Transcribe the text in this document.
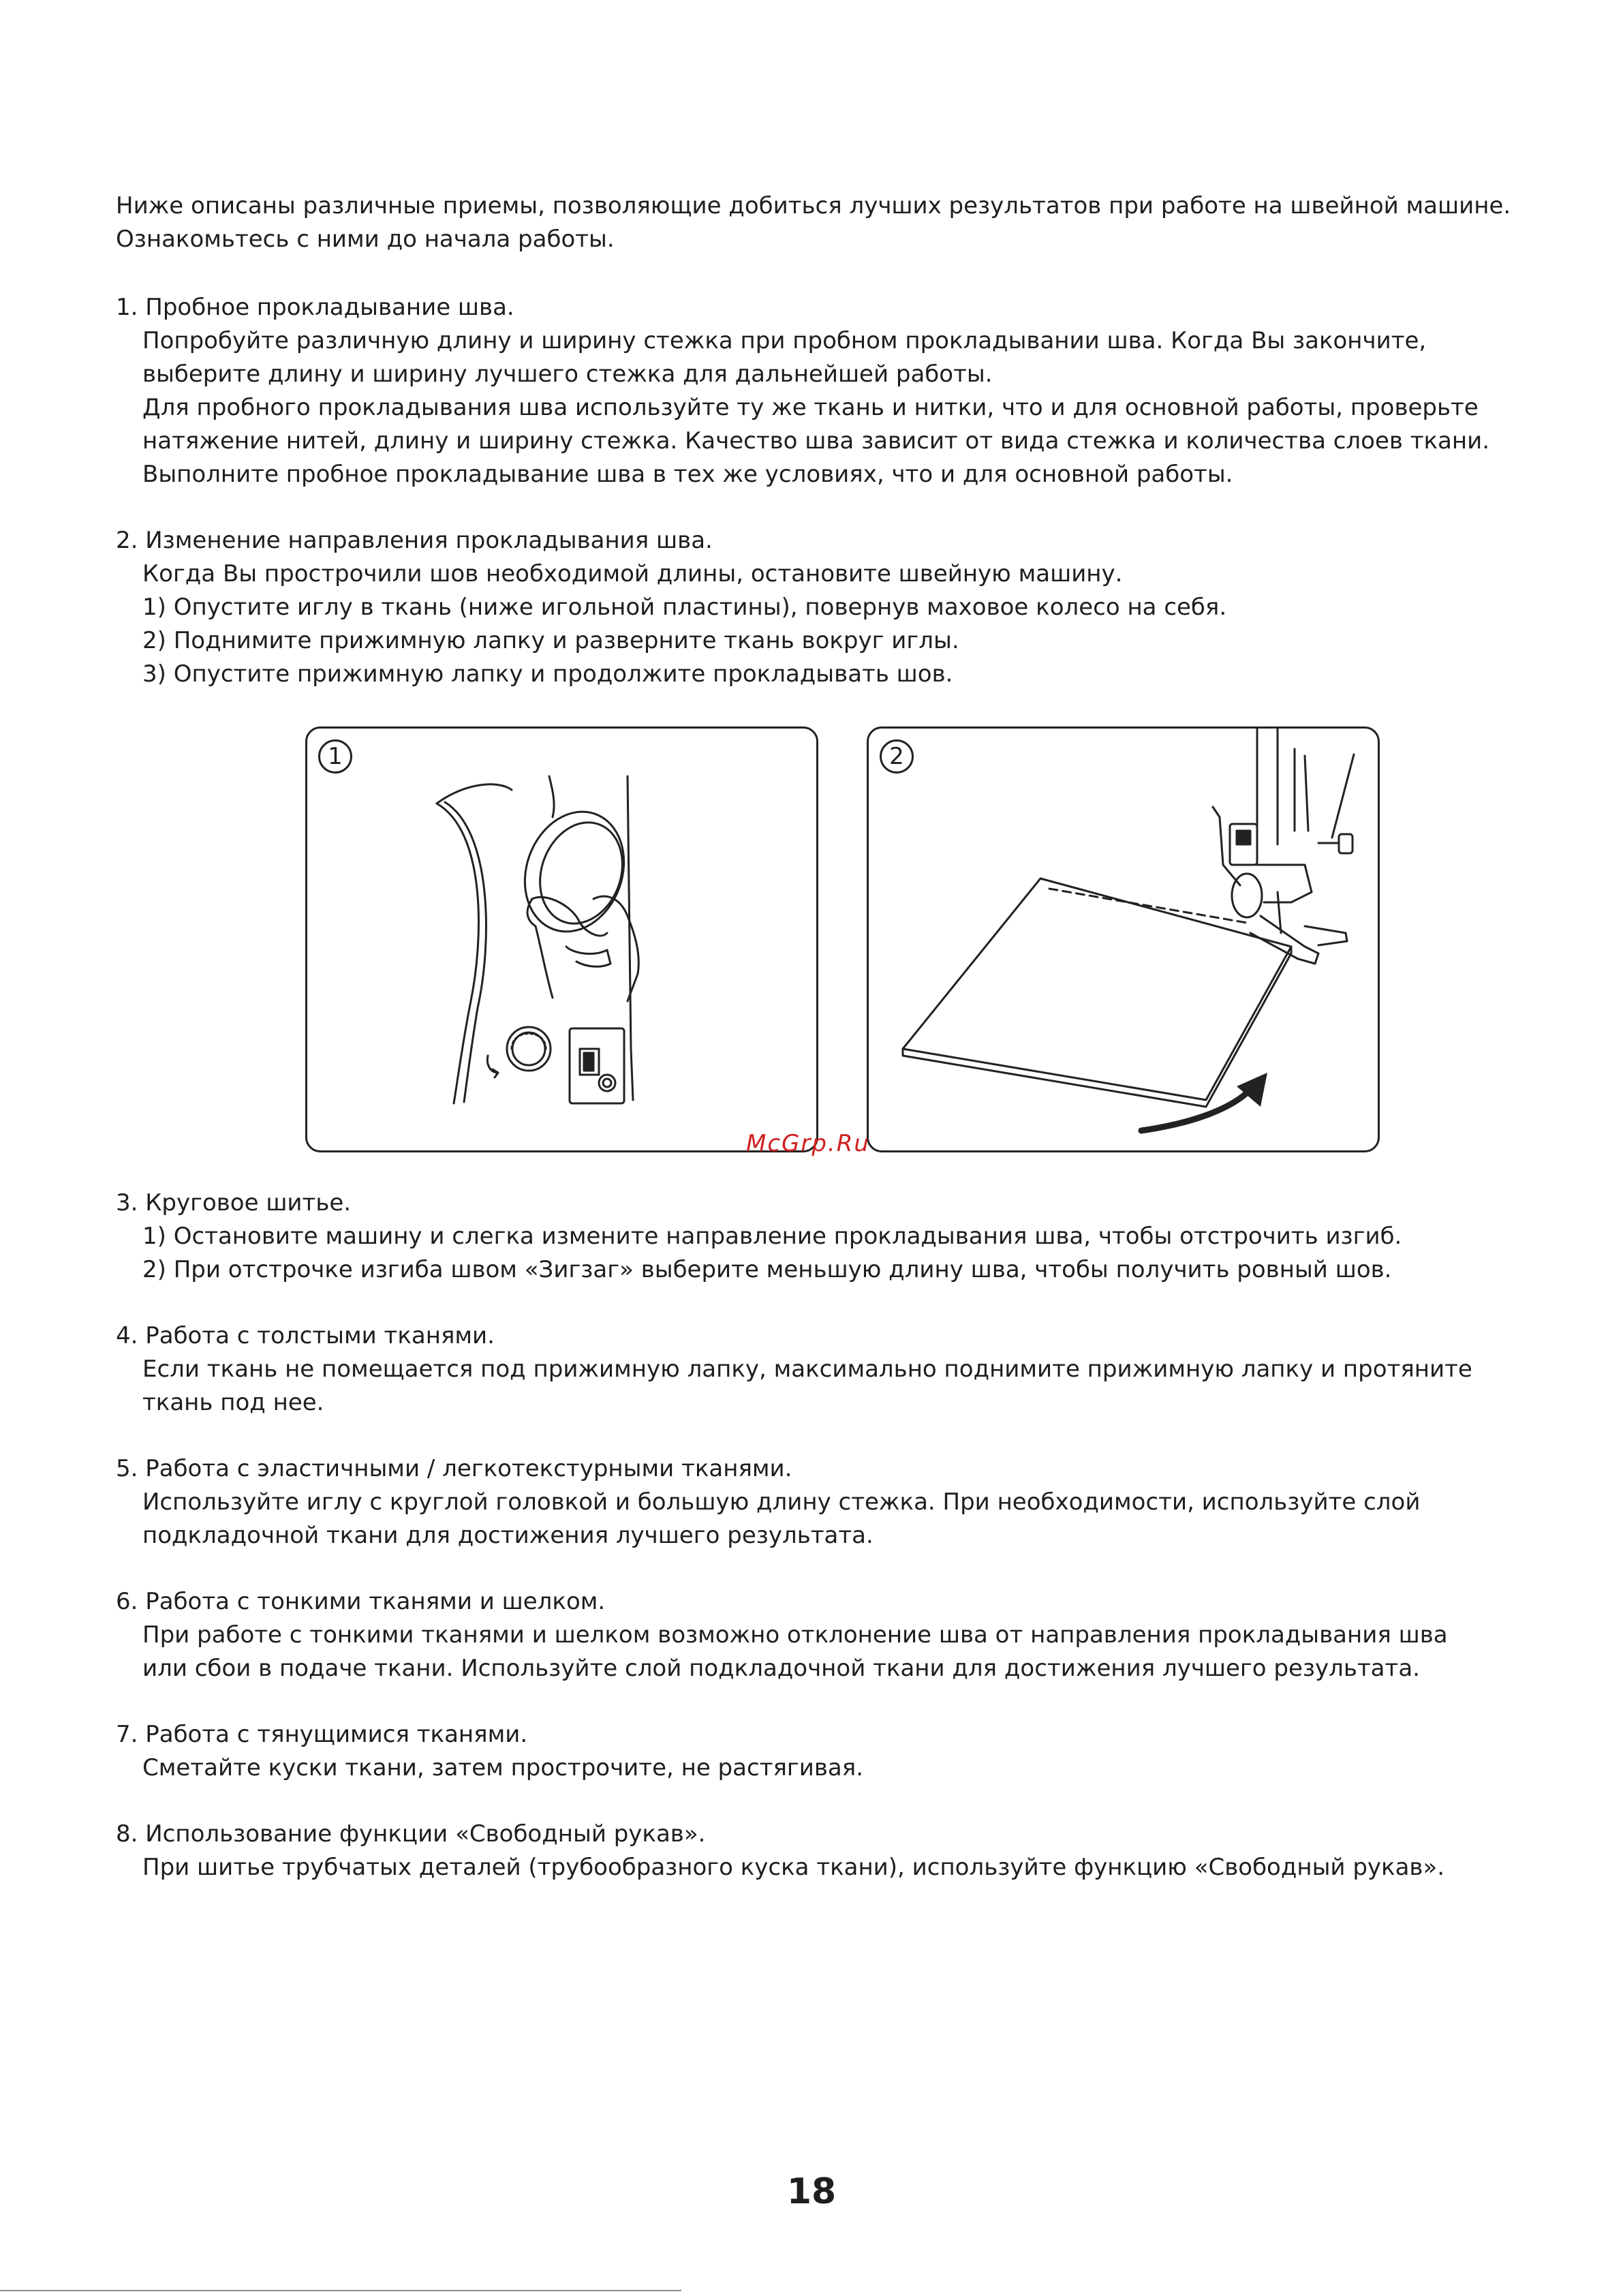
Ниже описаны различные приемы, позволяющие добиться лучших результатов при работе на швейной машине.
Ознакомьтесь с ними до начала работы.
1. Пробное прокладывание шва.
Попробуйте различную длину и ширину стежка при пробном прокладывании шва. Когда Вы закончите,
выберите длину и ширину лучшего стежка для дальнейшей работы.
Для пробного прокладывания шва используйте ту же ткань и нитки, что и для основной работы, проверьте
натяжение нитей, длину и ширину стежка. Качество шва зависит от вида стежка и количества слоев ткани.
Выполните пробное прокладывание шва в тех же условиях, что и для основной работы.
2. Изменение направления прокладывания шва.
Когда Вы прострочили шов необходимой длины, остановите швейную машину.
1) Опустите иглу в ткань (ниже игольной пластины), повернув маховое колесо на себя.
2) Поднимите прижимную лапку и разверните ткань вокруг иглы.
3) Опустите прижимную лапку и продолжите прокладывать шов.
1	2
McGrp.Ru
3. Круговое шитье.
1) Остановите машину и слегка измените направление прокладывания шва, чтобы отстрочить изгиб.
2) При отстрочке изгиба швом «Зигзаг» выберите меньшую длину шва, чтобы получить ровный шов.
4. Работа с толстыми тканями.
Если ткань не помещается под прижимную лапку, максимально поднимите прижимную лапку и протяните
ткань под нее.
5. Работа с эластичными / легкотекстурными тканями.
Используйте иглу с круглой головкой и большую длину стежка. При необходимости, используйте слой
подкладочной ткани для достижения лучшего результата.
6. Работа с тонкими тканями и шелком.
При работе с тонкими тканями и шелком возможно отклонение шва от направления прокладывания шва
или сбои в подаче ткани. Используйте слой подкладочной ткани для достижения лучшего результата.
7. Работа с тянущимися тканями.
Сметайте куски ткани, затем прострочите, не растягивая.
8. Использование функции «Свободный рукав».
При шитье трубчатых деталей (трубообразного куска ткани), используйте функцию «Свободный рукав».
18
